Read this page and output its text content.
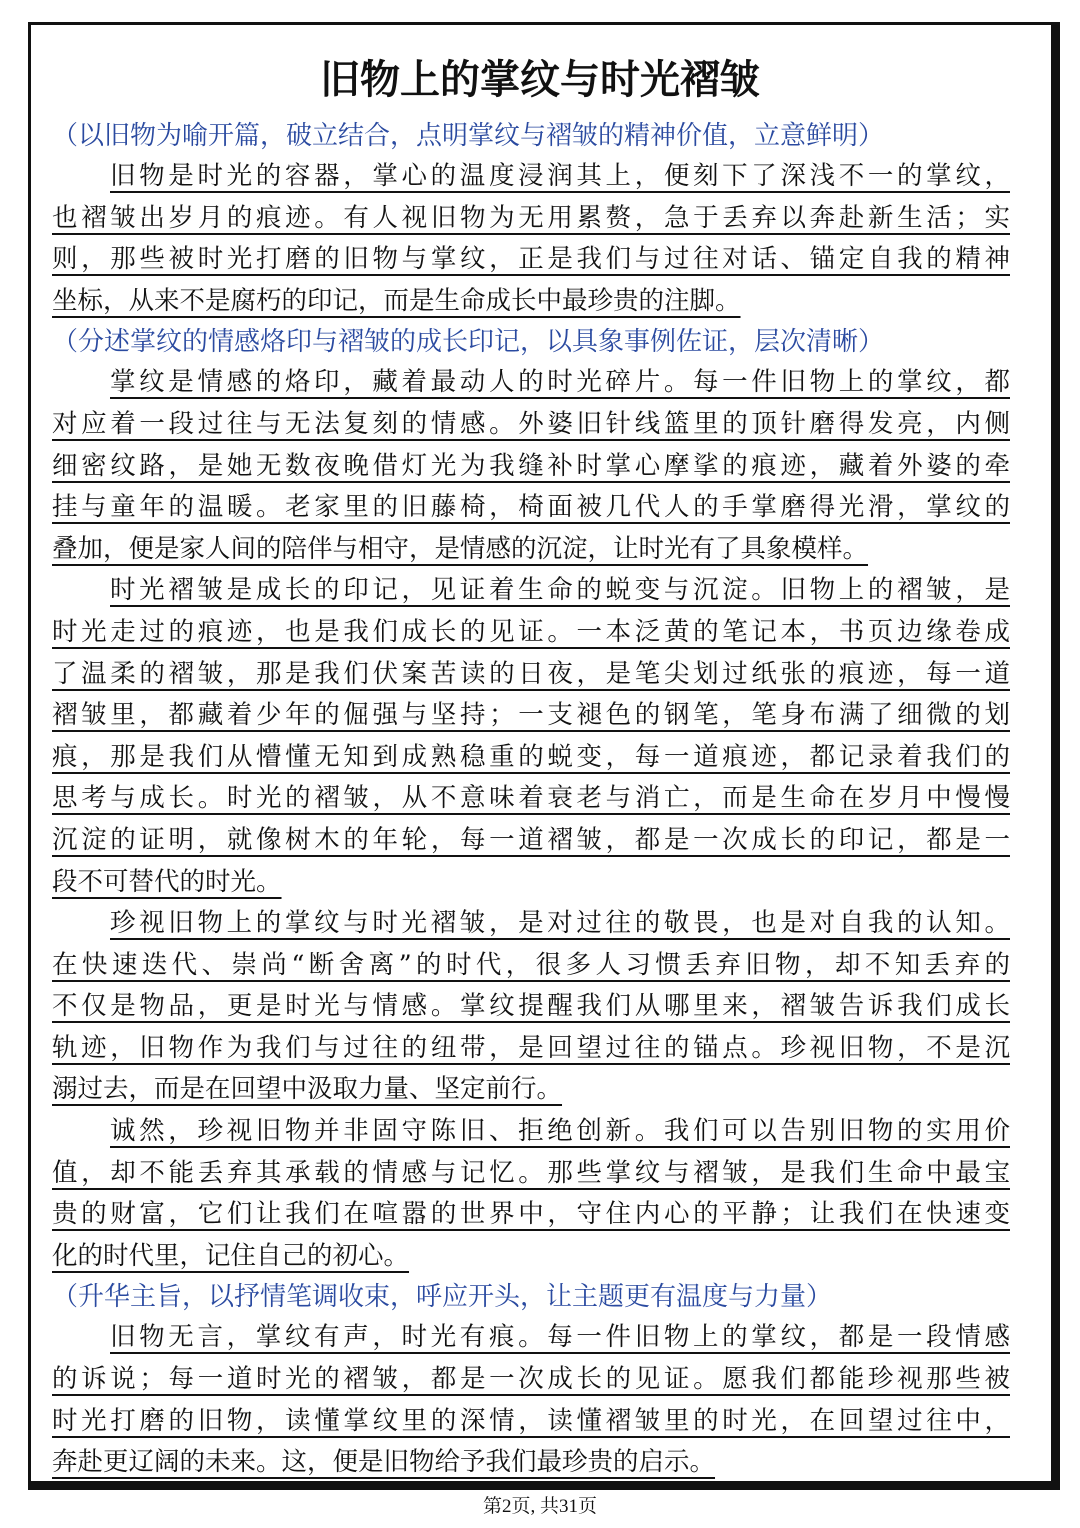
旧物上的掌纹与时光褶皱

（以旧物为喻开篇，破立结合，点明掌纹与褶皱的精神价值，立意鲜明）

旧物是时光的容器，掌心的温度浸润其上，便刻下了深浅不一的掌纹，

也褶皱出岁月的痕迹。有人视旧物为无用累赘，急于丢弃以奔赴新生活；实

则，那些被时光打磨的旧物与掌纹，正是我们与过往对话、锚定自我的精神

坐标，从来不是腐朽的印记，而是生命成长中最珍贵的注脚。

（分述掌纹的情感烙印与褶皱的成长印记，以具象事例佐证，层次清晰）

掌纹是情感的烙印，藏着最动人的时光碎片。每一件旧物上的掌纹，都

对应着一段过往与无法复刻的情感。外婆旧针线篮里的顶针磨得发亮，内侧

细密纹路，是她无数夜晚借灯光为我缝补时掌心摩挲的痕迹，藏着外婆的牵

挂与童年的温暖。老家里的旧藤椅，椅面被几代人的手掌磨得光滑，掌纹的

叠加，便是家人间的陪伴与相守，是情感的沉淀，让时光有了具象模样。

时光褶皱是成长的印记，见证着生命的蜕变与沉淀。旧物上的褶皱，是

时光走过的痕迹，也是我们成长的见证。一本泛黄的笔记本，书页边缘卷成

了温柔的褶皱，那是我们伏案苦读的日夜，是笔尖划过纸张的痕迹，每一道

褶皱里，都藏着少年的倔强与坚持；一支褪色的钢笔，笔身布满了细微的划

痕，那是我们从懵懂无知到成熟稳重的蜕变，每一道痕迹，都记录着我们的

思考与成长。时光的褶皱，从不意味着衰老与消亡，而是生命在岁月中慢慢

沉淀的证明，就像树木的年轮，每一道褶皱，都是一次成长的印记，都是一

段不可替代的时光。

珍视旧物上的掌纹与时光褶皱，是对过往的敬畏，也是对自我的认知。

在快速迭代、崇尚“断舍离”的时代，很多人习惯丢弃旧物，却不知丢弃的

不仅是物品，更是时光与情感。掌纹提醒我们从哪里来，褶皱告诉我们成长

轨迹，旧物作为我们与过往的纽带，是回望过往的锚点。珍视旧物，不是沉

溺过去，而是在回望中汲取力量、坚定前行。

诚然，珍视旧物并非固守陈旧、拒绝创新。我们可以告别旧物的实用价

值，却不能丢弃其承载的情感与记忆。那些掌纹与褶皱，是我们生命中最宝

贵的财富，它们让我们在喧嚣的世界中，守住内心的平静；让我们在快速变

化的时代里，记住自己的初心。

（升华主旨，以抒情笔调收束，呼应开头，让主题更有温度与力量）

旧物无言，掌纹有声，时光有痕。每一件旧物上的掌纹，都是一段情感

的诉说；每一道时光的褶皱，都是一次成长的见证。愿我们都能珍视那些被

时光打磨的旧物，读懂掌纹里的深情，读懂褶皱里的时光，在回望过往中，

奔赴更辽阔的未来。这，便是旧物给予我们最珍贵的启示。

第2页, 共31页
